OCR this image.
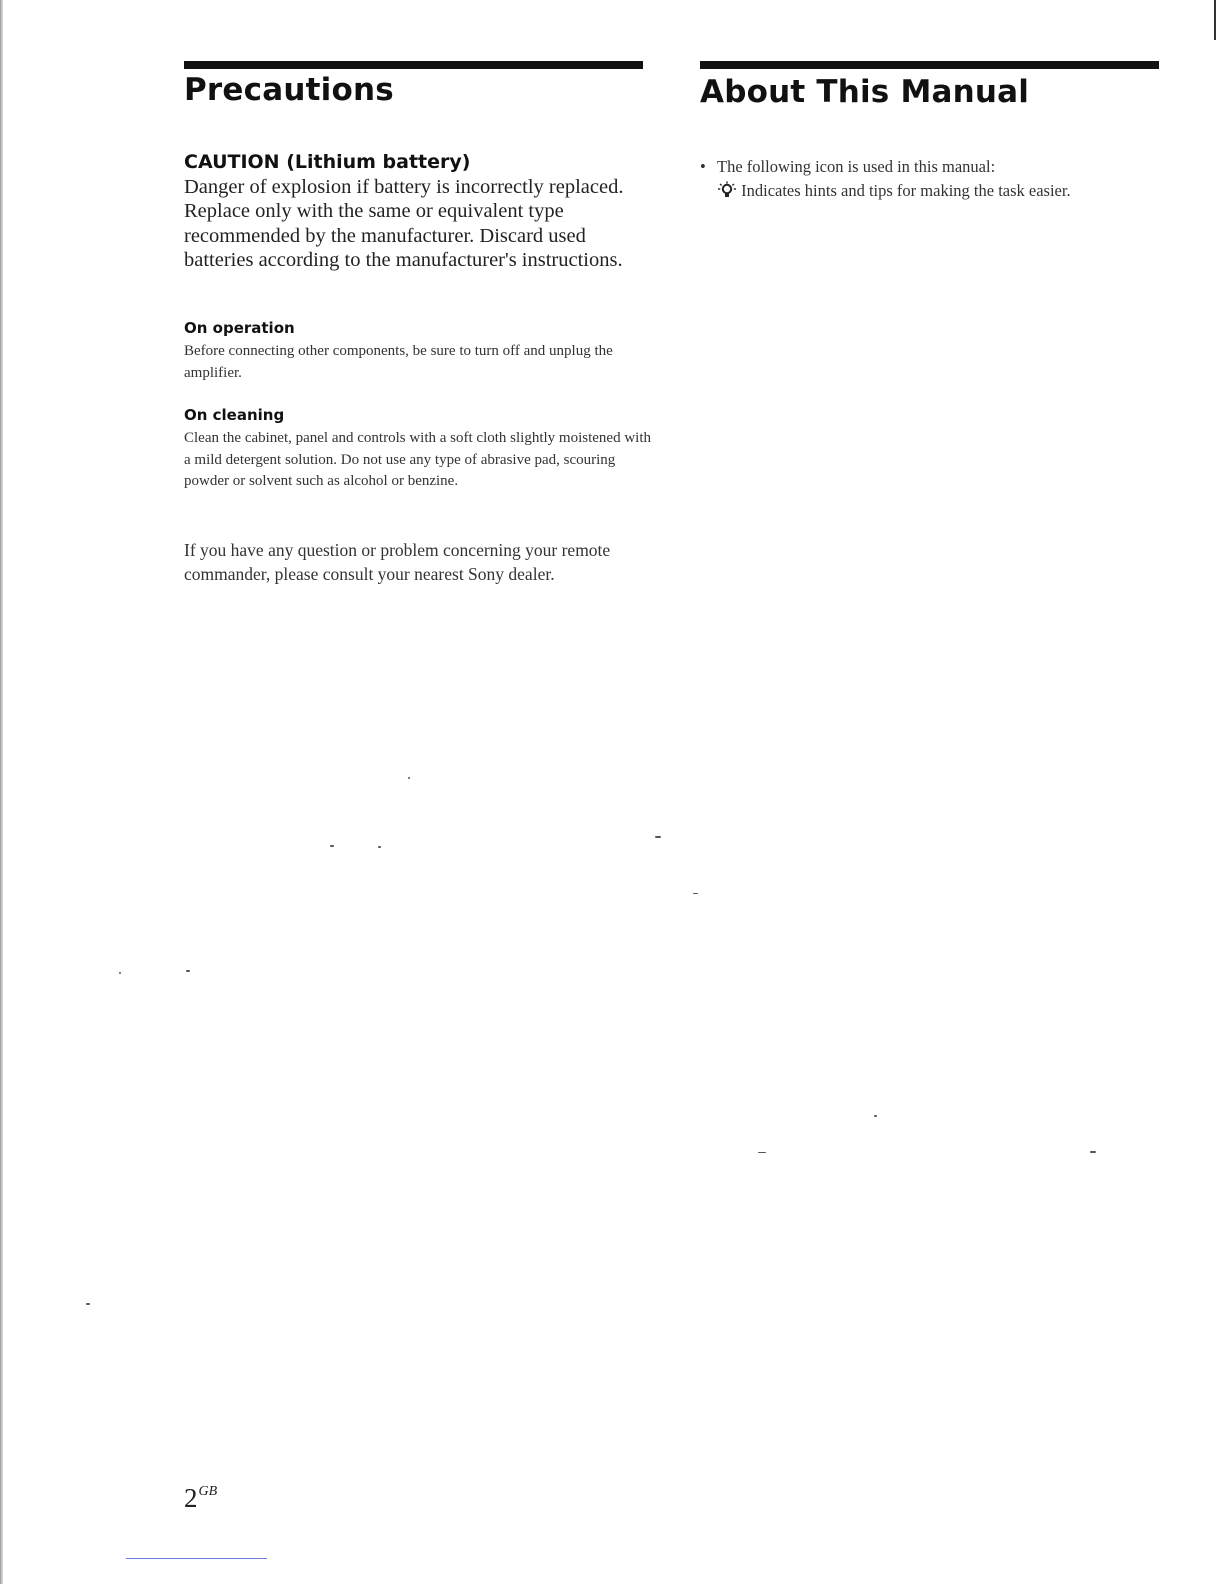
Precautions
CAUTION (Lithium battery)

Danger of explosion if battery is incorrectly replaced. Replace only with the same or equivalent type recommended by the manufacturer. Discard used batteries according to the manufacturer's instructions.

On operation

Before connecting other components, be sure to turn off and unplug the amplifier.

On cleaning

Clean the cabinet, panel and controls with a soft cloth slightly moistened with a mild detergent solution. Do not use any type of abrasive pad, scouring powder or solvent such as alcohol or benzine.

If you have any question or problem concerning your remote commander, please consult your nearest Sony dealer.

About This Manual
• The following icon is used in this manual:
Indicates hints and tips for making the task easier.
$2^{GB}$
